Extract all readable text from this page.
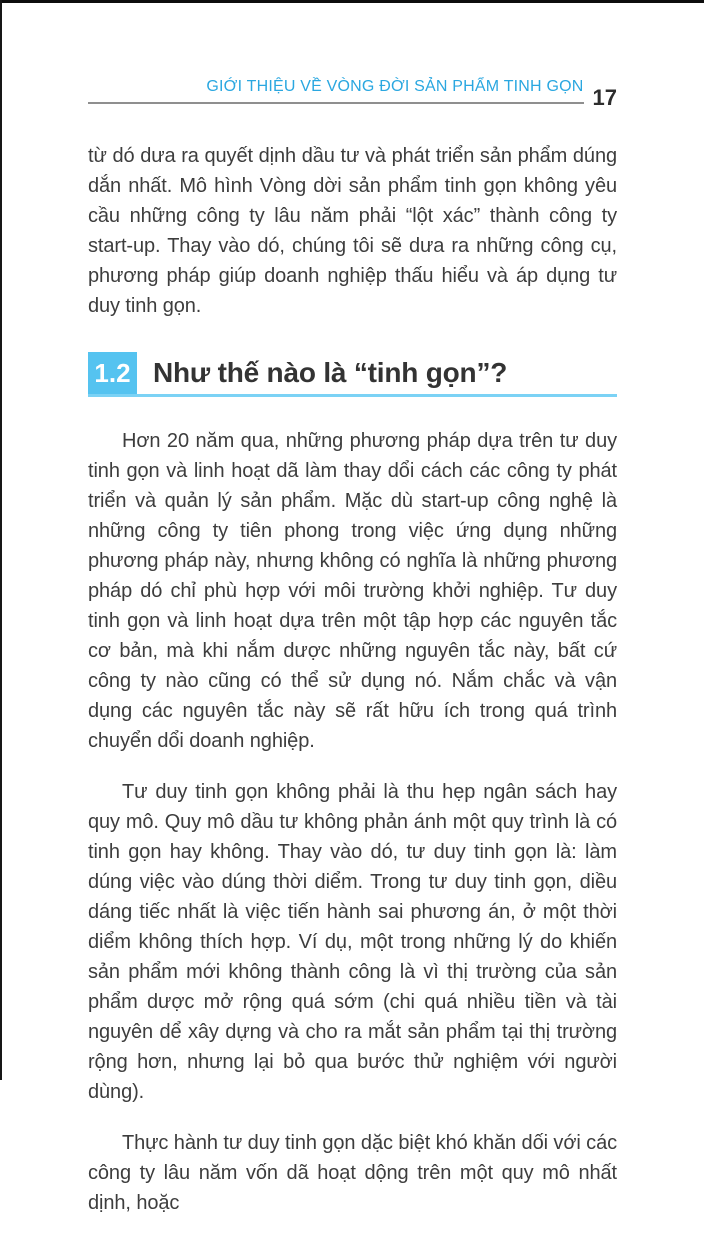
GIỚI THIỆU VỀ VÒNG ĐỜI SẢN PHẨM TINH GỌN 17

từ dó dưa ra quyết dịnh dầu tư và phát triển sản phẩm dúng dắn nhất. Mô hình Vòng dời sản phẩm tinh gọn không yêu cầu những công ty lâu năm phải “lột xác” thành công ty start-up. Thay vào dó, chúng tôi sẽ dưa ra những công cụ, phương pháp giúp doanh nghiệp thấu hiểu và áp dụng tư duy tinh gọn.

1.2 Như thế nào là “tinh gọn”?

Hơn 20 năm qua, những phương pháp dựa trên tư duy tinh gọn và linh hoạt dã làm thay dổi cách các công ty phát triển và quản lý sản phẩm. Mặc dù start-up công nghệ là những công ty tiên phong trong việc ứng dụng những phương pháp này, nhưng không có nghĩa là những phương pháp dó chỉ phù hợp với môi trường khởi nghiệp. Tư duy tinh gọn và linh hoạt dựa trên một tập hợp các nguyên tắc cơ bản, mà khi nắm dược những nguyên tắc này, bất cứ công ty nào cũng có thể sử dụng nó. Nắm chắc và vận dụng các nguyên tắc này sẽ rất hữu ích trong quá trình chuyển dổi doanh nghiệp.

Tư duy tinh gọn không phải là thu hẹp ngân sách hay quy mô. Quy mô dầu tư không phản ánh một quy trình là có tinh gọn hay không. Thay vào dó, tư duy tinh gọn là: làm dúng việc vào dúng thời diểm. Trong tư duy tinh gọn, diều dáng tiếc nhất là việc tiến hành sai phương án, ở một thời diểm không thích hợp. Ví dụ, một trong những lý do khiến sản phẩm mới không thành công là vì thị trường của sản phẩm dược mở rộng quá sớm (chi quá nhiều tiền và tài nguyên dể xây dựng và cho ra mắt sản phẩm tại thị trường rộng hơn, nhưng lại bỏ qua bước thử nghiệm với người dùng).

Thực hành tư duy tinh gọn dặc biệt khó khăn dối với các công ty lâu năm vốn dã hoạt dộng trên một quy mô nhất dịnh, hoặc
